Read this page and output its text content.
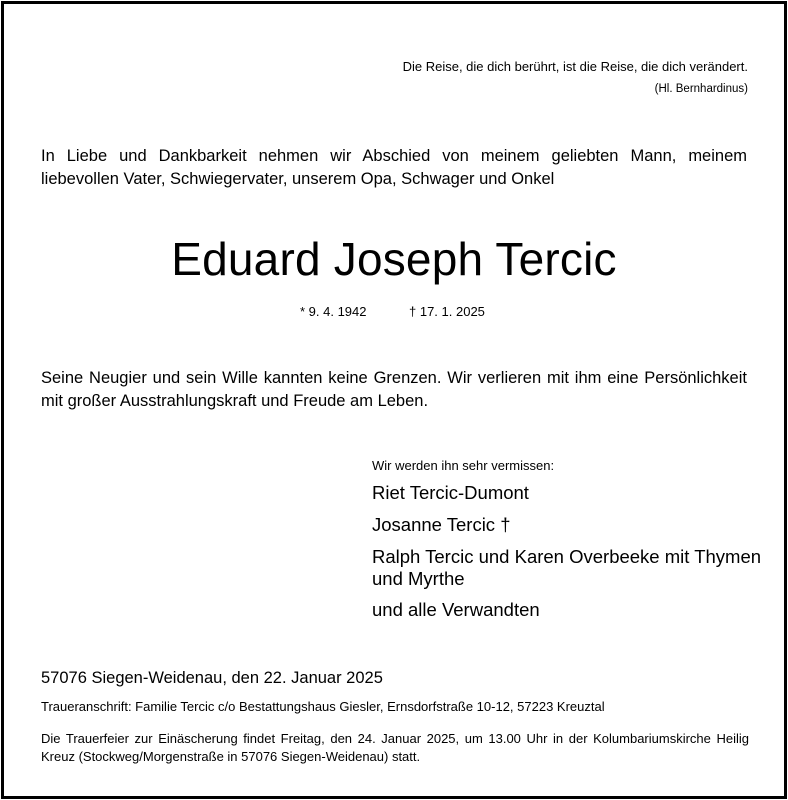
Die Reise, die dich berührt, ist die Reise, die dich verändert.
(Hl. Bernhardinus)
In Liebe und Dankbarkeit nehmen wir Abschied von meinem geliebten Mann, meinem liebevollen Vater, Schwiegervater, unserem Opa, Schwager und Onkel
Eduard Joseph Tercic
* 9. 4. 1942	† 17. 1. 2025
Seine Neugier und sein Wille kannten keine Grenzen. Wir verlieren mit ihm eine Persönlichkeit mit großer Ausstrahlungskraft und Freude am Leben.
Wir werden ihn sehr vermissen:
Riet Tercic-Dumont
Josanne Tercic †
Ralph Tercic und Karen Overbeeke mit Thymen und Myrthe
und alle Verwandten
57076 Siegen-Weidenau, den 22. Januar 2025
Traueranschrift: Familie Tercic c/o Bestattungshaus Giesler, Ernsdorfstraße 10-12, 57223 Kreuztal
Die Trauerfeier zur Einäscherung findet Freitag, den 24. Januar 2025, um 13.00 Uhr in der Kolumbariumskirche Heilig Kreuz (Stockweg/Morgenstraße in 57076 Siegen-Weidenau) statt.
